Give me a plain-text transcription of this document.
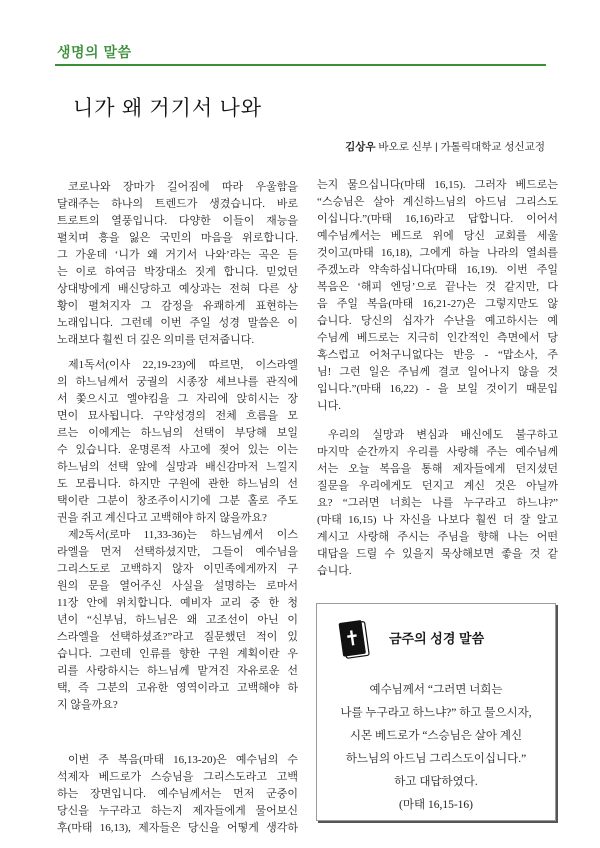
생명의 말씀
니가 왜 거기서 나와
김상우 바오로 신부 | 가톨릭대학교 성신교정
코로나와 장마가 길어짐에 따라 우울함을
달래주는 하나의 트렌드가 생겼습니다. 바로
트로트의 열풍입니다. 다양한 이들이 재능을
펼치며 흥을 잃은 국민의 마음을 위로합니다.
그 가운데 ‘니가 왜 거기서 나와’라는 곡은 듣
는 이로 하여금 박장대소 짓게 합니다. 믿었던
상대방에게 배신당하고 예상과는 전혀 다른 상
황이 펼쳐지자 그 감정을 유쾌하게 표현하는
노래입니다. 그런데 이번 주일 성경 말씀은 이
노래보다 훨씬 더 깊은 의미를 던져줍니다.
제1독서(이사 22,19-23)에 따르면, 이스라엘
의 하느님께서 궁궐의 시종장 셰브나를 관직에
서 쫓으시고 엘야킴을 그 자리에 앉히시는 장
면이 묘사됩니다. 구약성경의 전체 흐름을 모
르는 이에게는 하느님의 선택이 부당해 보일
수 있습니다. 운명론적 사고에 젖어 있는 이는
하느님의 선택 앞에 실망과 배신감마저 느낄지
도 모릅니다. 하지만 구원에 관한 하느님의 선
택이란 그분이 창조주이시기에 그분 홀로 주도
권을 쥐고 계신다고 고백해야 하지 않을까요?
제2독서(로마 11,33-36)는 하느님께서 이스
라엘을 먼저 선택하셨지만, 그들이 예수님을
그리스도로 고백하지 않자 이민족에게까지 구
원의 문을 열어주신 사실을 설명하는 로마서
11장 안에 위치합니다. 예비자 교리 중 한 청
년이 “신부님, 하느님은 왜 고조선이 아닌 이
스라엘을 선택하셨죠?”라고 질문했던 적이 있
습니다. 그런데 인류를 향한 구원 계획이란 우
리를 사랑하시는 하느님께 맡겨진 자유로운 선
택, 즉 그분의 고유한 영역이라고 고백해야 하
지 않을까요?
이번 주 복음(마태 16,13-20)은 예수님의 수
석제자 베드로가 스승님을 그리스도라고 고백
하는 장면입니다. 예수님께서는 먼저 군중이
당신을 누구라고 하는지 제자들에게 물어보신
후(마태 16,13), 제자들은 당신을 어떻게 생각하
는지 물으십니다(마태 16,15). 그러자 베드로는
“스승님은 살아 계신하느님의 아드님 그리스도
이십니다.”(마태 16,16)라고 답합니다. 이어서
예수님께서는 베드로 위에 당신 교회를 세울
것이고(마태 16,18), 그에게 하늘 나라의 열쇠를
주겠노라 약속하십니다(마태 16,19). 이번 주일
복음은 ‘해피 엔딩’으로 끝나는 것 같지만, 다
음 주일 복음(마태 16,21-27)은 그렇지만도 않
습니다. 당신의 십자가 수난을 예고하시는 예
수님께 베드로는 지극히 인간적인 측면에서 당
혹스럽고 어처구니없다는 반응 - “맙소사, 주
님! 그런 일은 주님께 결코 일어나지 않을 것
입니다.”(마태 16,22) - 을 보일 것이기 때문입
니다.
우리의 실망과 변심과 배신에도 불구하고
마지막 순간까지 우리를 사랑해 주는 예수님께
서는 오늘 복음을 통해 제자들에게 던지셨던
질문을 우리에게도 던지고 계신 것은 아닐까
요? “그러면 너희는 나를 누구라고 하느냐?”
(마태 16,15) 나 자신을 나보다 훨씬 더 잘 알고
계시고 사랑해 주시는 주님을 향해 나는 어떤
대답을 드릴 수 있을지 묵상해보면 좋을 것 같
습니다.
금주의 성경 말씀
예수님께서 “그러면 너희는
나를 누구라고 하느냐?” 하고 물으시자,
시몬 베드로가 “스승님은 살아 계신
하느님의 아드님 그리스도이십니다.”
하고 대답하였다.
(마태 16,15-16)
